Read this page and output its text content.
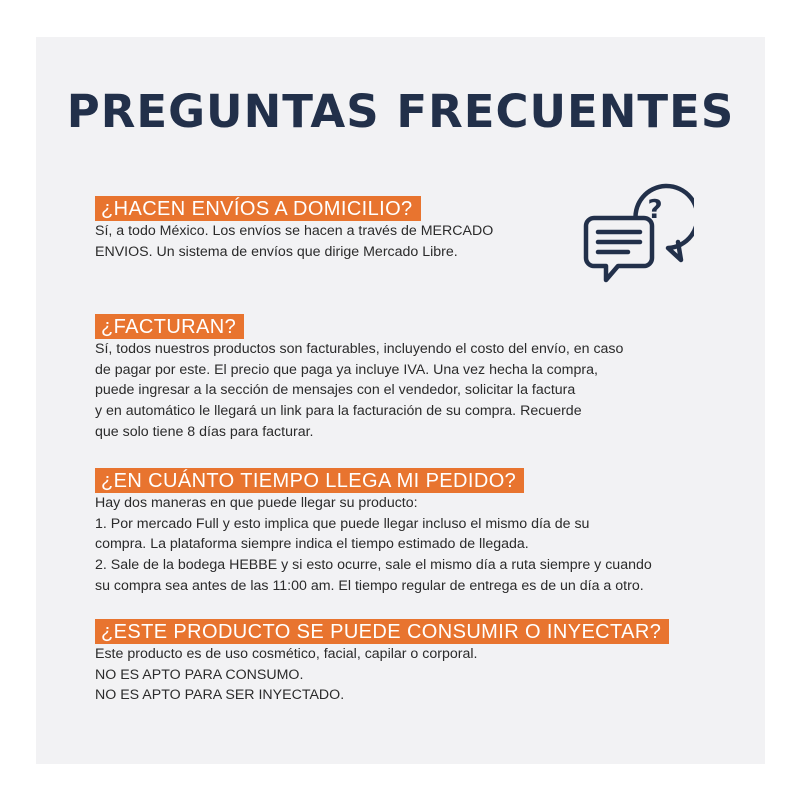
PREGUNTAS FRECUENTES
?
¿HACEN ENVÍOS A DOMICILIO?

Sí, a todo México. Los envíos se hacen a través de MERCADO

ENVIOS. Un sistema de envíos que dirige Mercado Libre.

¿FACTURAN?

Sí, todos nuestros productos son facturables, incluyendo el costo del envío, en caso

de pagar por este. El precio que paga ya incluye IVA. Una vez hecha la compra,

puede ingresar a la sección de mensajes con el vendedor, solicitar la factura

y en automático le llegará un link para la facturación de su compra. Recuerde

que solo tiene 8 días para facturar.

¿EN CUÁNTO TIEMPO LLEGA MI PEDIDO?

Hay dos maneras en que puede llegar su producto:

1. Por mercado Full y esto implica que puede llegar incluso el mismo día de su

compra. La plataforma siempre indica el tiempo estimado de llegada.

2. Sale de la bodega HEBBE y si esto ocurre, sale el mismo día a ruta siempre y cuando

su compra sea antes de las 11:00 am. El tiempo regular de entrega es de un día a otro.

¿ESTE PRODUCTO SE PUEDE CONSUMIR O INYECTAR?

Este producto es de uso cosmético, facial, capilar o corporal.

NO ES APTO PARA CONSUMO.

NO ES APTO PARA SER INYECTADO.
